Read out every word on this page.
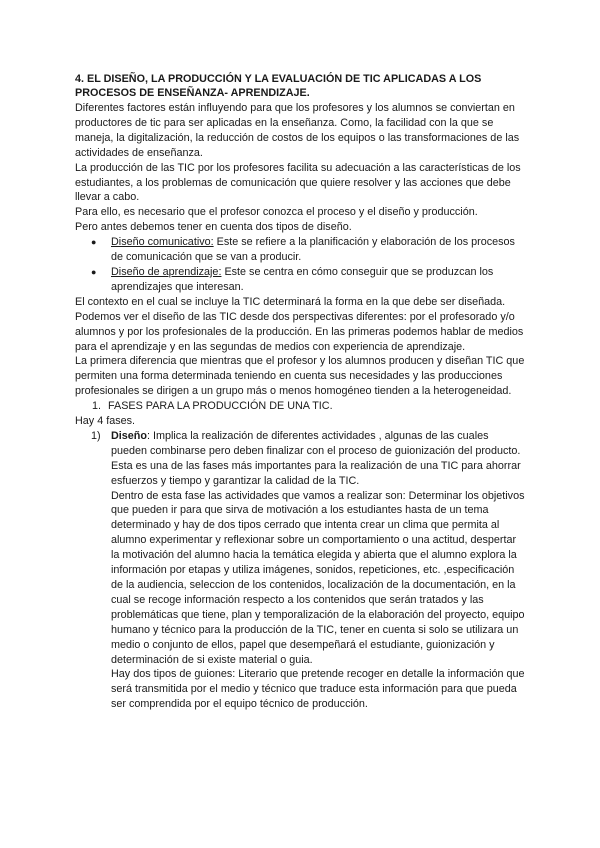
4. EL DISEÑO, LA PRODUCCIÓN Y LA EVALUACIÓN DE TIC APLICADAS A LOS PROCESOS DE ENSEÑANZA- APRENDIZAJE.

Diferentes factores están influyendo para que los profesores y los alumnos se conviertan en productores de tic para ser aplicadas en la enseñanza. Como, la facilidad con la que se maneja, la digitalización, la reducción de costos de los equipos o las transformaciones de las actividades de enseñanza.

La producción de las TIC por los profesores facilita su adecuación a las características de los estudiantes, a los problemas de comunicación que quiere resolver y las acciones que debe llevar a cabo.

Para ello, es necesario que el profesor conozca el proceso y el diseño y producción.

Pero antes debemos tener en cuenta dos tipos de diseño.

● Diseño comunicativo: Este se refiere a la planificación y elaboración de los procesos de comunicación que se van a producir.
● Diseño de aprendizaje: Este se centra en cómo conseguir que se produzcan los aprendizajes que interesan.

El contexto en el cual se incluye la TIC determinará la forma en la que debe ser diseñada. Podemos ver el diseño de las TIC desde dos perspectivas diferentes: por el profesorado y/o alumnos y por los profesionales de la producción. En las primeras podemos hablar de medios para el aprendizaje y en las segundas de medios con experiencia de aprendizaje.

La primera diferencia que mientras que el profesor y los alumnos producen y diseñan TIC que permiten una forma determinada teniendo en cuenta sus necesidades y las producciones profesionales se dirigen a un grupo más o menos homogéneo tienden a la heterogeneidad.

1. FASES PARA LA PRODUCCIÓN DE UNA TIC.

Hay 4 fases.

1) Diseño: Implica la realización de diferentes actividades , algunas de las cuales pueden combinarse pero deben finalizar con el proceso de guionización del producto.

Esta es una de las fases más importantes para la realización de una TIC para ahorrar esfuerzos y tiempo y garantizar la calidad de la TIC.

Dentro de esta fase las actividades que vamos a realizar son: Determinar los objetivos que pueden ir para que sirva de motivación a los estudiantes hasta de un tema determinado y hay de dos tipos cerrado que intenta crear un clima que permita al alumno experimentar y reflexionar sobre un comportamiento o una actitud, despertar la motivación del alumno hacia la temática elegida y abierta que el alumno explora la información por etapas y utiliza imágenes, sonidos, repeticiones, etc. ,especificación de la audiencia, seleccion de los contenidos, localización de la documentación, en la cual se recoge información respecto a los contenidos que serán tratados y las problemáticas que tiene, plan y temporalización de la elaboración del proyecto, equipo humano y técnico para la producción de la TIC, tener en cuenta si solo se utilizara un medio o conjunto de ellos, papel que desempeñará el estudiante, guionización y determinación de si existe material o guia.

Hay dos tipos de guiones: Literario que pretende recoger en detalle la información que será transmitida por el medio y técnico que traduce esta información para que pueda ser comprendida por el equipo técnico de producción.
